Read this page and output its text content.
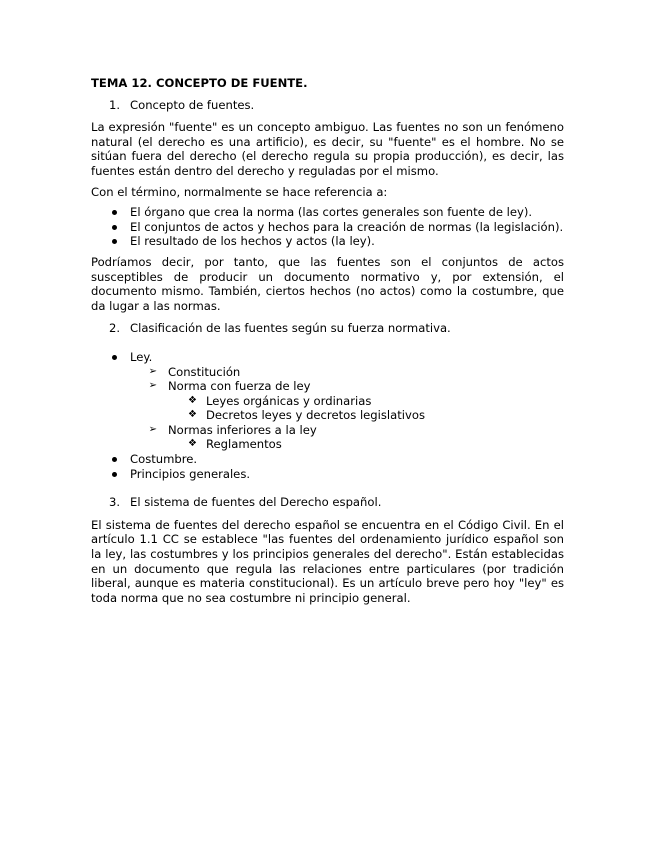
TEMA 12. CONCEPTO DE FUENTE.
1. Concepto de fuentes.

La expresión "fuente" es un concepto ambiguo. Las fuentes no son un fenómeno natural (el derecho es una artificio), es decir, su "fuente" es el hombre. No se sitúan fuera del derecho (el derecho regula su propia producción), es decir, las fuentes están dentro del derecho y reguladas por el mismo.

Con el término, normalmente se hace referencia a:

El órgano que crea la norma (las cortes generales son fuente de ley).
El conjuntos de actos y hechos para la creación de normas (la legislación).
El resultado de los hechos y actos (la ley).

Podríamos decir, por tanto, que las fuentes son el conjuntos de actos susceptibles de producir un documento normativo y, por extensión, el documento mismo. También, ciertos hechos (no actos) como la costumbre, que da lugar a las normas.

2. Clasificación de las fuentes según su fuerza normativa.
Ley.
➢ Constitución
➢ Norma con fuerza de ley
❖ Leyes orgánicas y ordinarias
❖ Decretos leyes y decretos legislativos
➢ Normas inferiores a la ley
❖ Reglamentos
Costumbre.
Principios generales.
3. El sistema de fuentes del Derecho español.

El sistema de fuentes del derecho español se encuentra en el Código Civil. En el artículo 1.1 CC se establece "las fuentes del ordenamiento jurídico español son la ley, las costumbres y los principios generales del derecho". Están establecidas en un documento que regula las relaciones entre particulares (por tradición liberal, aunque es materia constitucional). Es un artículo breve pero hoy "ley" es toda norma que no sea costumbre ni principio general.
